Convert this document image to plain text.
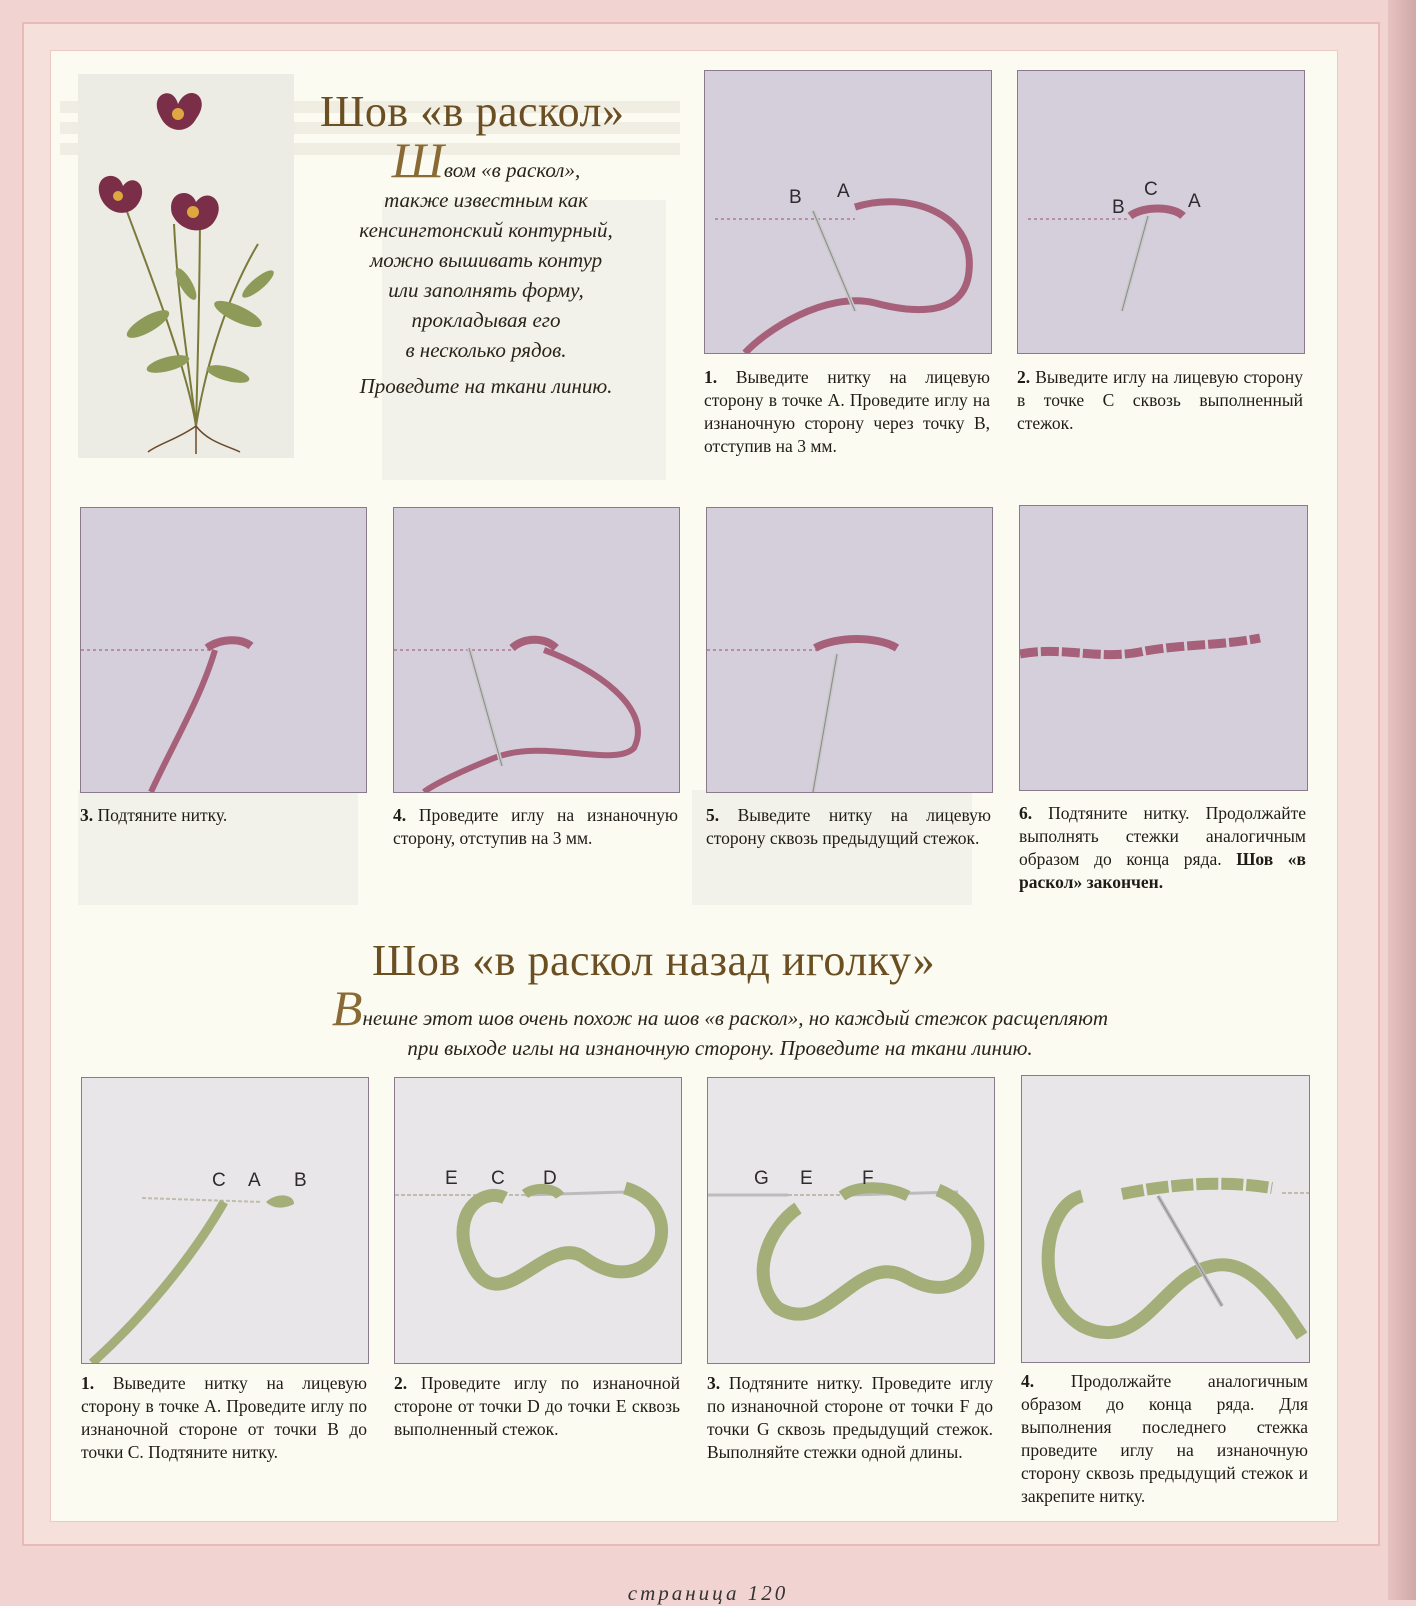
Шов «в раскол»
Швом «в раскол»,
также известным как
кенсингтонский контурный,
можно вышивать контур
или заполнять форму,
прокладывая его
в несколько рядов.
Проведите на ткани линию.
B A
B
C
A

1. Выведите нитку на лицевую сторону в точке А. Проведите иглу на изнаночную сторону через точку В, отступив на 3 мм.

2. Выведите иглу на лицевую сторону в точке С сквозь выполненный стежок.

3. Подтяните нитку.	4. Проведите иглу на изнаночную сторону, отступив на 3 мм.

5. Выведите нитку на лицевую сторону сквозь предыдущий стежок.

6. Подтяните нитку. Продолжайте выполнять стежки аналогичным образом до конца ряда. Шов «в раскол» закончен.

Шов «в раскол назад иголку»
Внешне этот шов очень похож на шов «в раскол», но каждый стежок расщепляют
при выходе иглы на изнаночную сторону. Проведите на ткани линию.
C A B	E C D	G E	F

1. Выведите нитку на лицевую сторону в точке А. Проведите иглу по изнаночной стороне от точки В до точки С. Подтяните нитку.

2. Проведите иглу по изнаночной стороне от точки D до точки Е сквозь выполненный стежок.

3. Подтяните нитку. Проведите иглу по изнаночной стороне от точки F до точки G сквозь предыдущий стежок. Выполняйте стежки одной длины.

4. Продолжайте аналогичным образом до конца ряда. Для выполнения последнего стежка проведите иглу на изнаночную сторону сквозь предыдущий стежок и закрепите нитку.

страница 120
